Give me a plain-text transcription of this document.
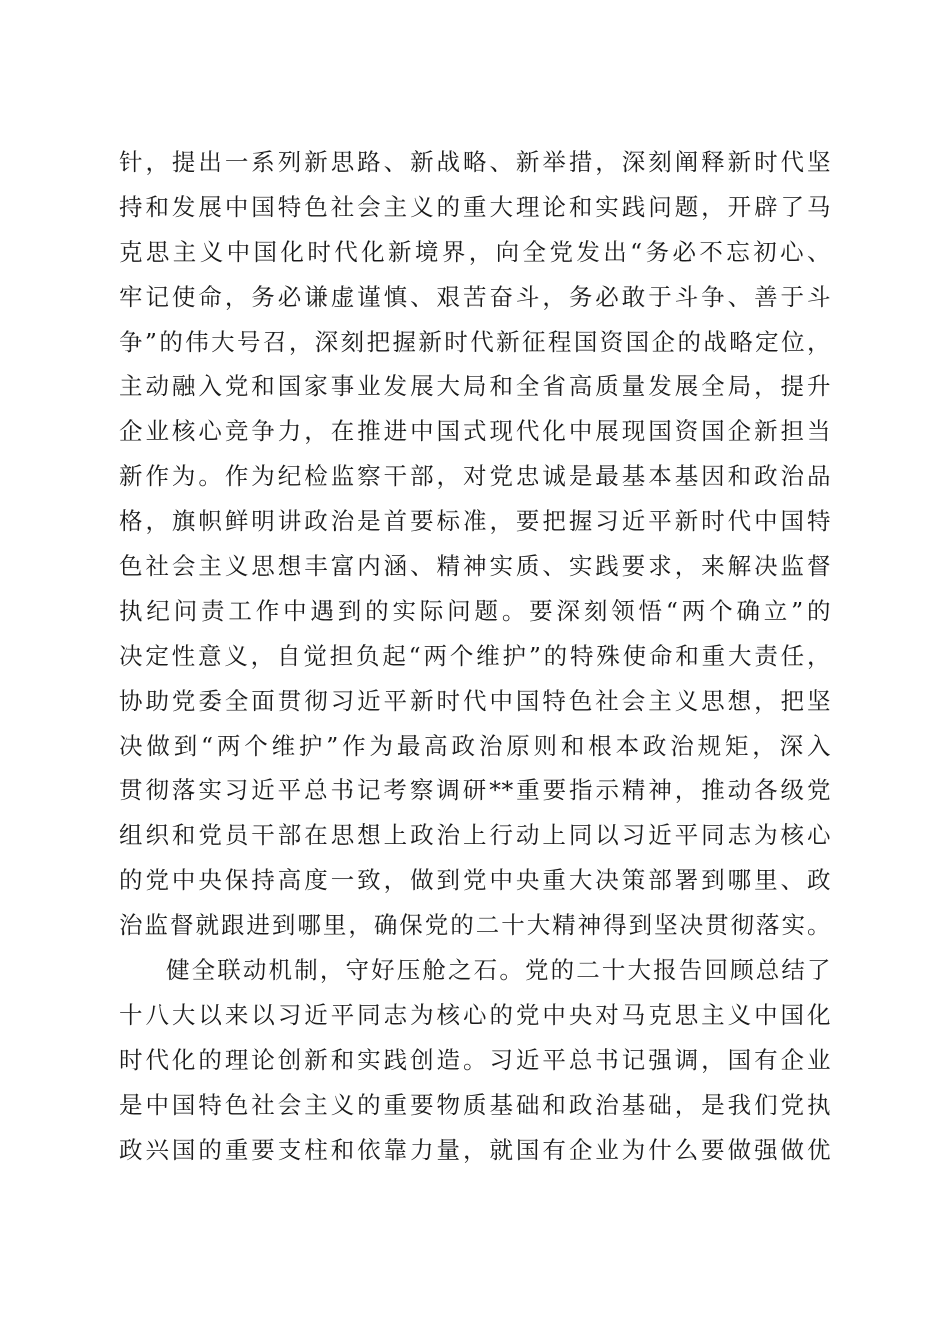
针，提出一系列新思路、新战略、新举措，深刻阐释新时代坚
持和发展中国特色社会主义的重大理论和实践问题，开辟了马
克思主义中国化时代化新境界，向全党发出“务必不忘初心、
牢记使命，务必谦虚谨慎、艰苦奋斗，务必敢于斗争、善于斗
争”的伟大号召，深刻把握新时代新征程国资国企的战略定位，
主动融入党和国家事业发展大局和全省高质量发展全局，提升
企业核心竞争力，在推进中国式现代化中展现国资国企新担当
新作为。作为纪检监察干部，对党忠诚是最基本基因和政治品
格，旗帜鲜明讲政治是首要标准，要把握习近平新时代中国特
色社会主义思想丰富内涵、精神实质、实践要求，来解决监督
执纪问责工作中遇到的实际问题。要深刻领悟“两个确立”的
决定性意义，自觉担负起“两个维护”的特殊使命和重大责任，
协助党委全面贯彻习近平新时代中国特色社会主义思想，把坚
决做到“两个维护”作为最高政治原则和根本政治规矩，深入
贯彻落实习近平总书记考察调研**重要指示精神，推动各级党
组织和党员干部在思想上政治上行动上同以习近平同志为核心
的党中央保持高度一致，做到党中央重大决策部署到哪里、政
治监督就跟进到哪里，确保党的二十大精神得到坚决贯彻落实。
健全联动机制，守好压舱之石。党的二十大报告回顾总结了
十八大以来以习近平同志为核心的党中央对马克思主义中国化
时代化的理论创新和实践创造。习近平总书记强调，国有企业
是中国特色社会主义的重要物质基础和政治基础，是我们党执
政兴国的重要支柱和依靠力量，就国有企业为什么要做强做优
